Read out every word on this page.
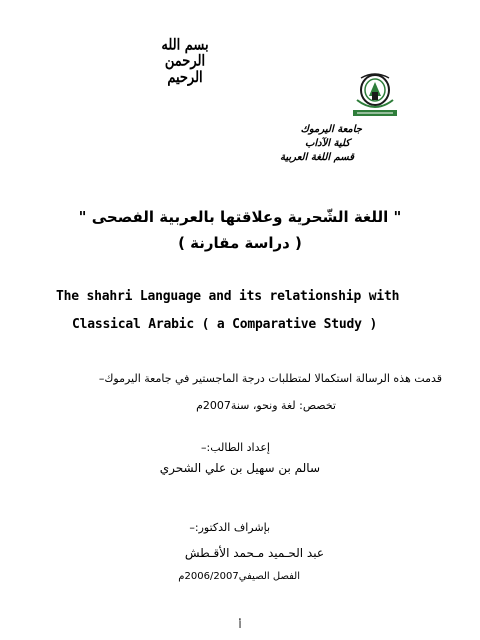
بسم الله الرحمن الرحيم
جامعة اليرموك
كلية الآداب
قسم اللغة العربية
" اللغة الشّحرية وعلاقتها بالعربية الفصحى "
( دراسة مقارنة )
The shahri Language and its relationship with
Classical Arabic ( a Comparative Study )
قدمت هذه الرسالة استكمالا لمتطلبات درجة الماجستير في جامعة اليرموك–
تخصص: لغة ونحو، سنة2007م
إعداد الطالب:–
سالم بن سهيل بن علي الشحري
بإشراف الدكتور:–
عبد الحـميد مـحمد الأقـطش
الفصل الصيفي2006/2007م
أ
